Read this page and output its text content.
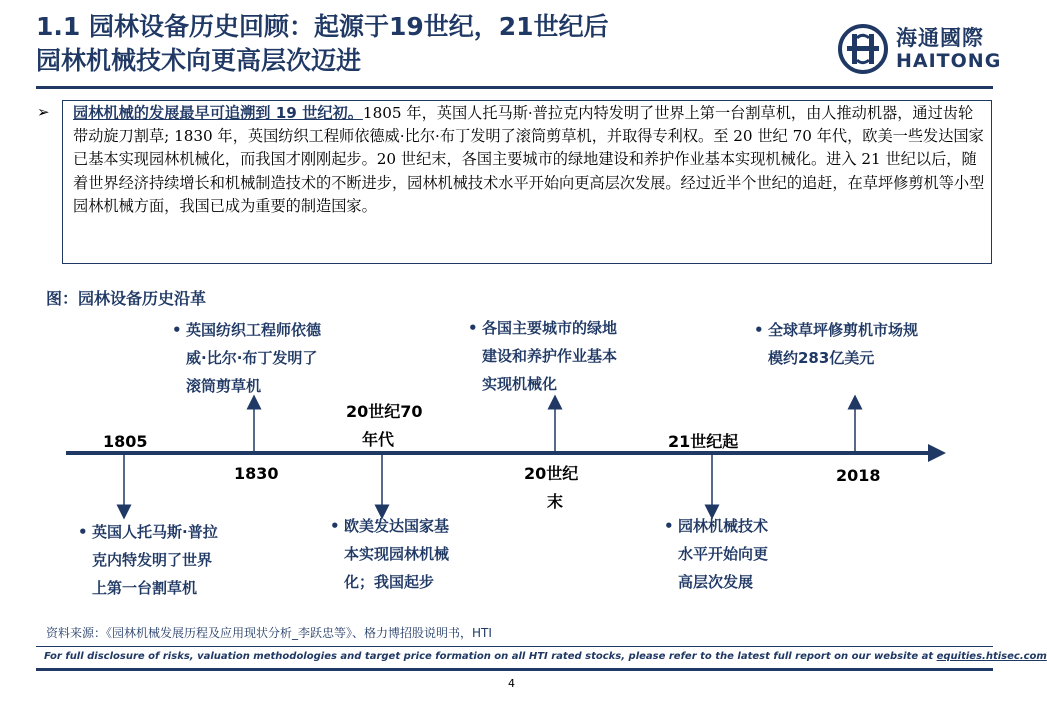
1.1 园林设备历史回顾：起源于19世纪，21世纪后
园林机械技术向更高层次迈进
海通國際
HAITONG
➢ 园林机械的发展最早可追溯到 19 世纪初。1805 年，英国人托马斯·普拉克内特发明了世界上第一台割草机，由人推动机器，通过齿轮带动旋刀割草; 1830 年，英国纺织工程师依德威·比尔·布丁发明了滚筒剪草机，并取得专利权。至 20 世纪 70 年代，欧美一些发达国家已基本实现园林机械化，而我国才刚刚起步。20 世纪末，各国主要城市的绿地建设和养护作业基本实现机械化。进入 21 世纪以后，随着世界经济持续增长和机械制造技术的不断进步，园林机械技术水平开始向更高层次发展。经过近半个世纪的追赶，在草坪修剪机等小型园林机械方面，我国已成为重要的制造国家。
图：园林设备历史沿革
1805
1830
20世纪70
年代
20世纪
末
21世纪起
2018
• 英国纺织工程师依德
威·比尔·布丁发明了
滚筒剪草机
• 各国主要城市的绿地
建设和养护作业基本
实现机械化
• 全球草坪修剪机市场规
模约283亿美元
• 英国人托马斯·普拉
克内特发明了世界
上第一台割草机
• 欧美发达国家基
本实现园林机械
化；我国起步
• 园林机械技术
水平开始向更
高层次发展
资料来源：《园林机械发展历程及应用现状分析_李跃忠等》、格力博招股说明书，HTI
For full disclosure of risks, valuation methodologies and target price formation on all HTI rated stocks, please refer to the latest full report on our website at equities.htisec.com
4
